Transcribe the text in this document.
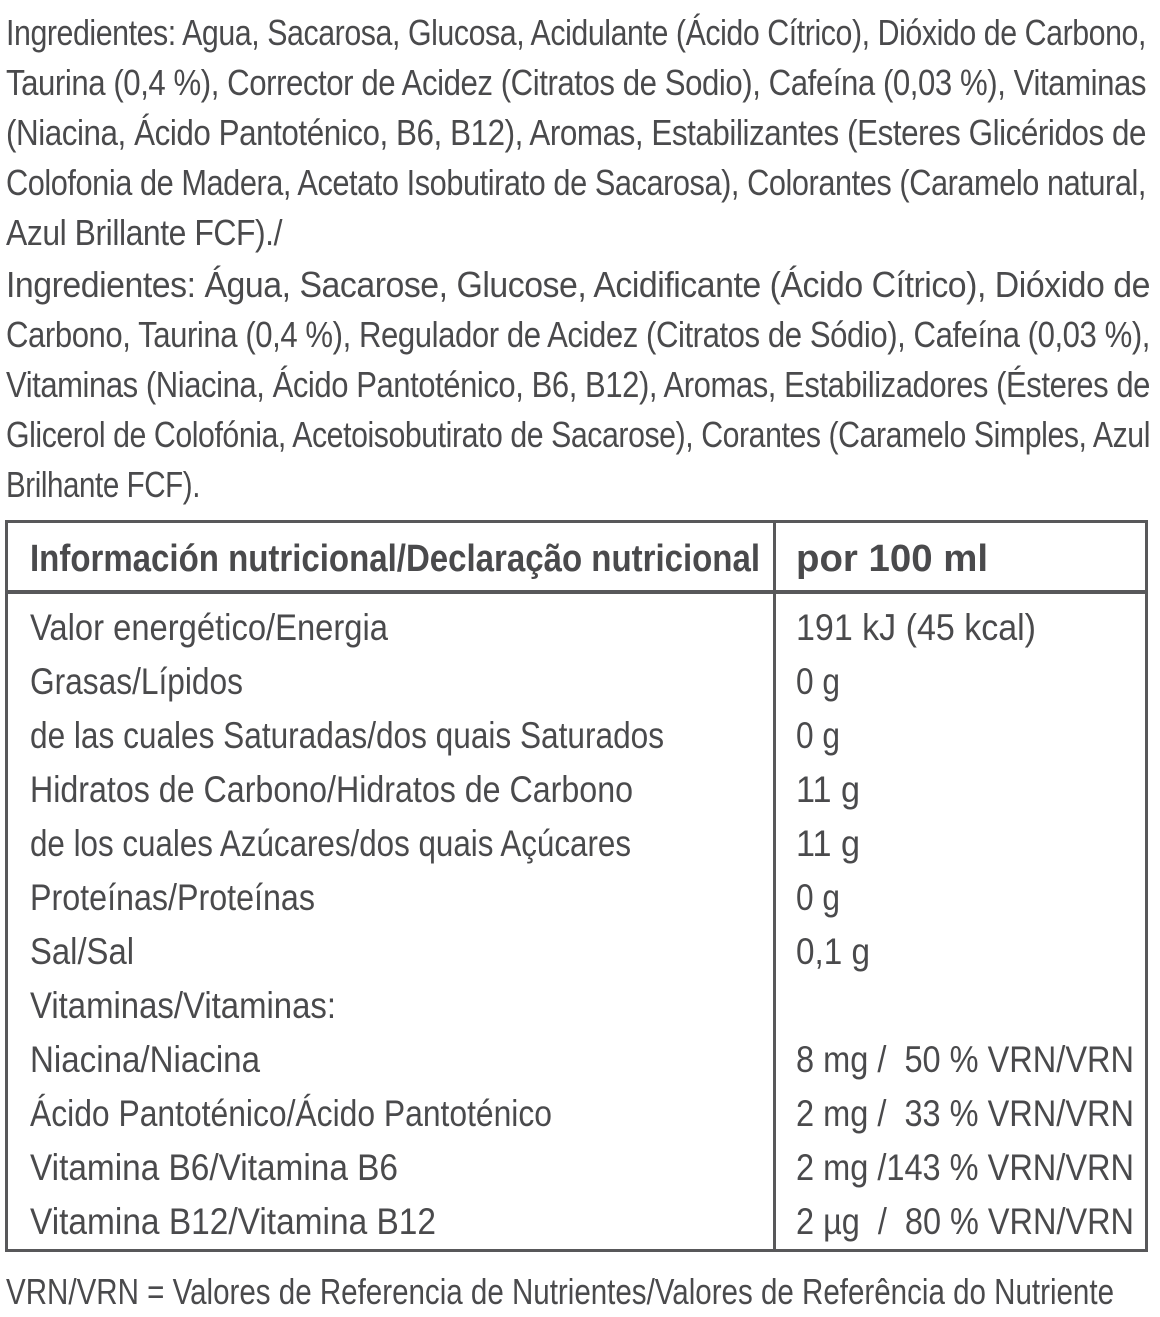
Ingredientes: Agua, Sacarosa, Glucosa, Acidulante (Ácido Cítrico), Dióxido de Carbono,
Taurina (0,4 %), Corrector de Acidez (Citratos de Sodio), Cafeína (0,03 %), Vitaminas
(Niacina, Ácido Pantoténico, B6, B12), Aromas, Estabilizantes (Esteres Glicéridos de
Colofonia de Madera, Acetato Isobutirato de Sacarosa), Colorantes (Caramelo natural,
Azul Brillante FCF)./
Ingredientes: Água, Sacarose, Glucose, Acidificante (Ácido Cítrico), Dióxido de
Carbono, Taurina (0,4 %), Regulador de Acidez (Citratos de Sódio), Cafeína (0,03 %),
Vitaminas (Niacina, Ácido Pantoténico, B6, B12), Aromas, Estabilizadores (Ésteres de
Glicerol de Colofónia, Acetoisobutirato de Sacarose), Corantes (Caramelo Simples, Azul
Brilhante FCF).
Información nutricional/Declaração nutricional por 100 ml
Valor energético/Energia	191 kJ (45 kcal)
Grasas/Lípidos	0 g
de las cuales Saturadas/dos quais Saturados	0 g
Hidratos de Carbono/Hidratos de Carbono	11 g
de los cuales Azúcares/dos quais Açúcares	11 g
Proteínas/Proteínas	0 g
Sal/Sal	0,1 g
Vitaminas/Vitaminas:
Niacina/Niacina	8 mg /  50 % VRN/VRN
Ácido Pantoténico/Ácido Pantoténico	2 mg /  33 % VRN/VRN
Vitamina B6/Vitamina B6	2 mg /143 % VRN/VRN
Vitamina B12/Vitamina B12	2 µg  /  80 % VRN/VRN
VRN/VRN = Valores de Referencia de Nutrientes/Valores de Referência do Nutriente
